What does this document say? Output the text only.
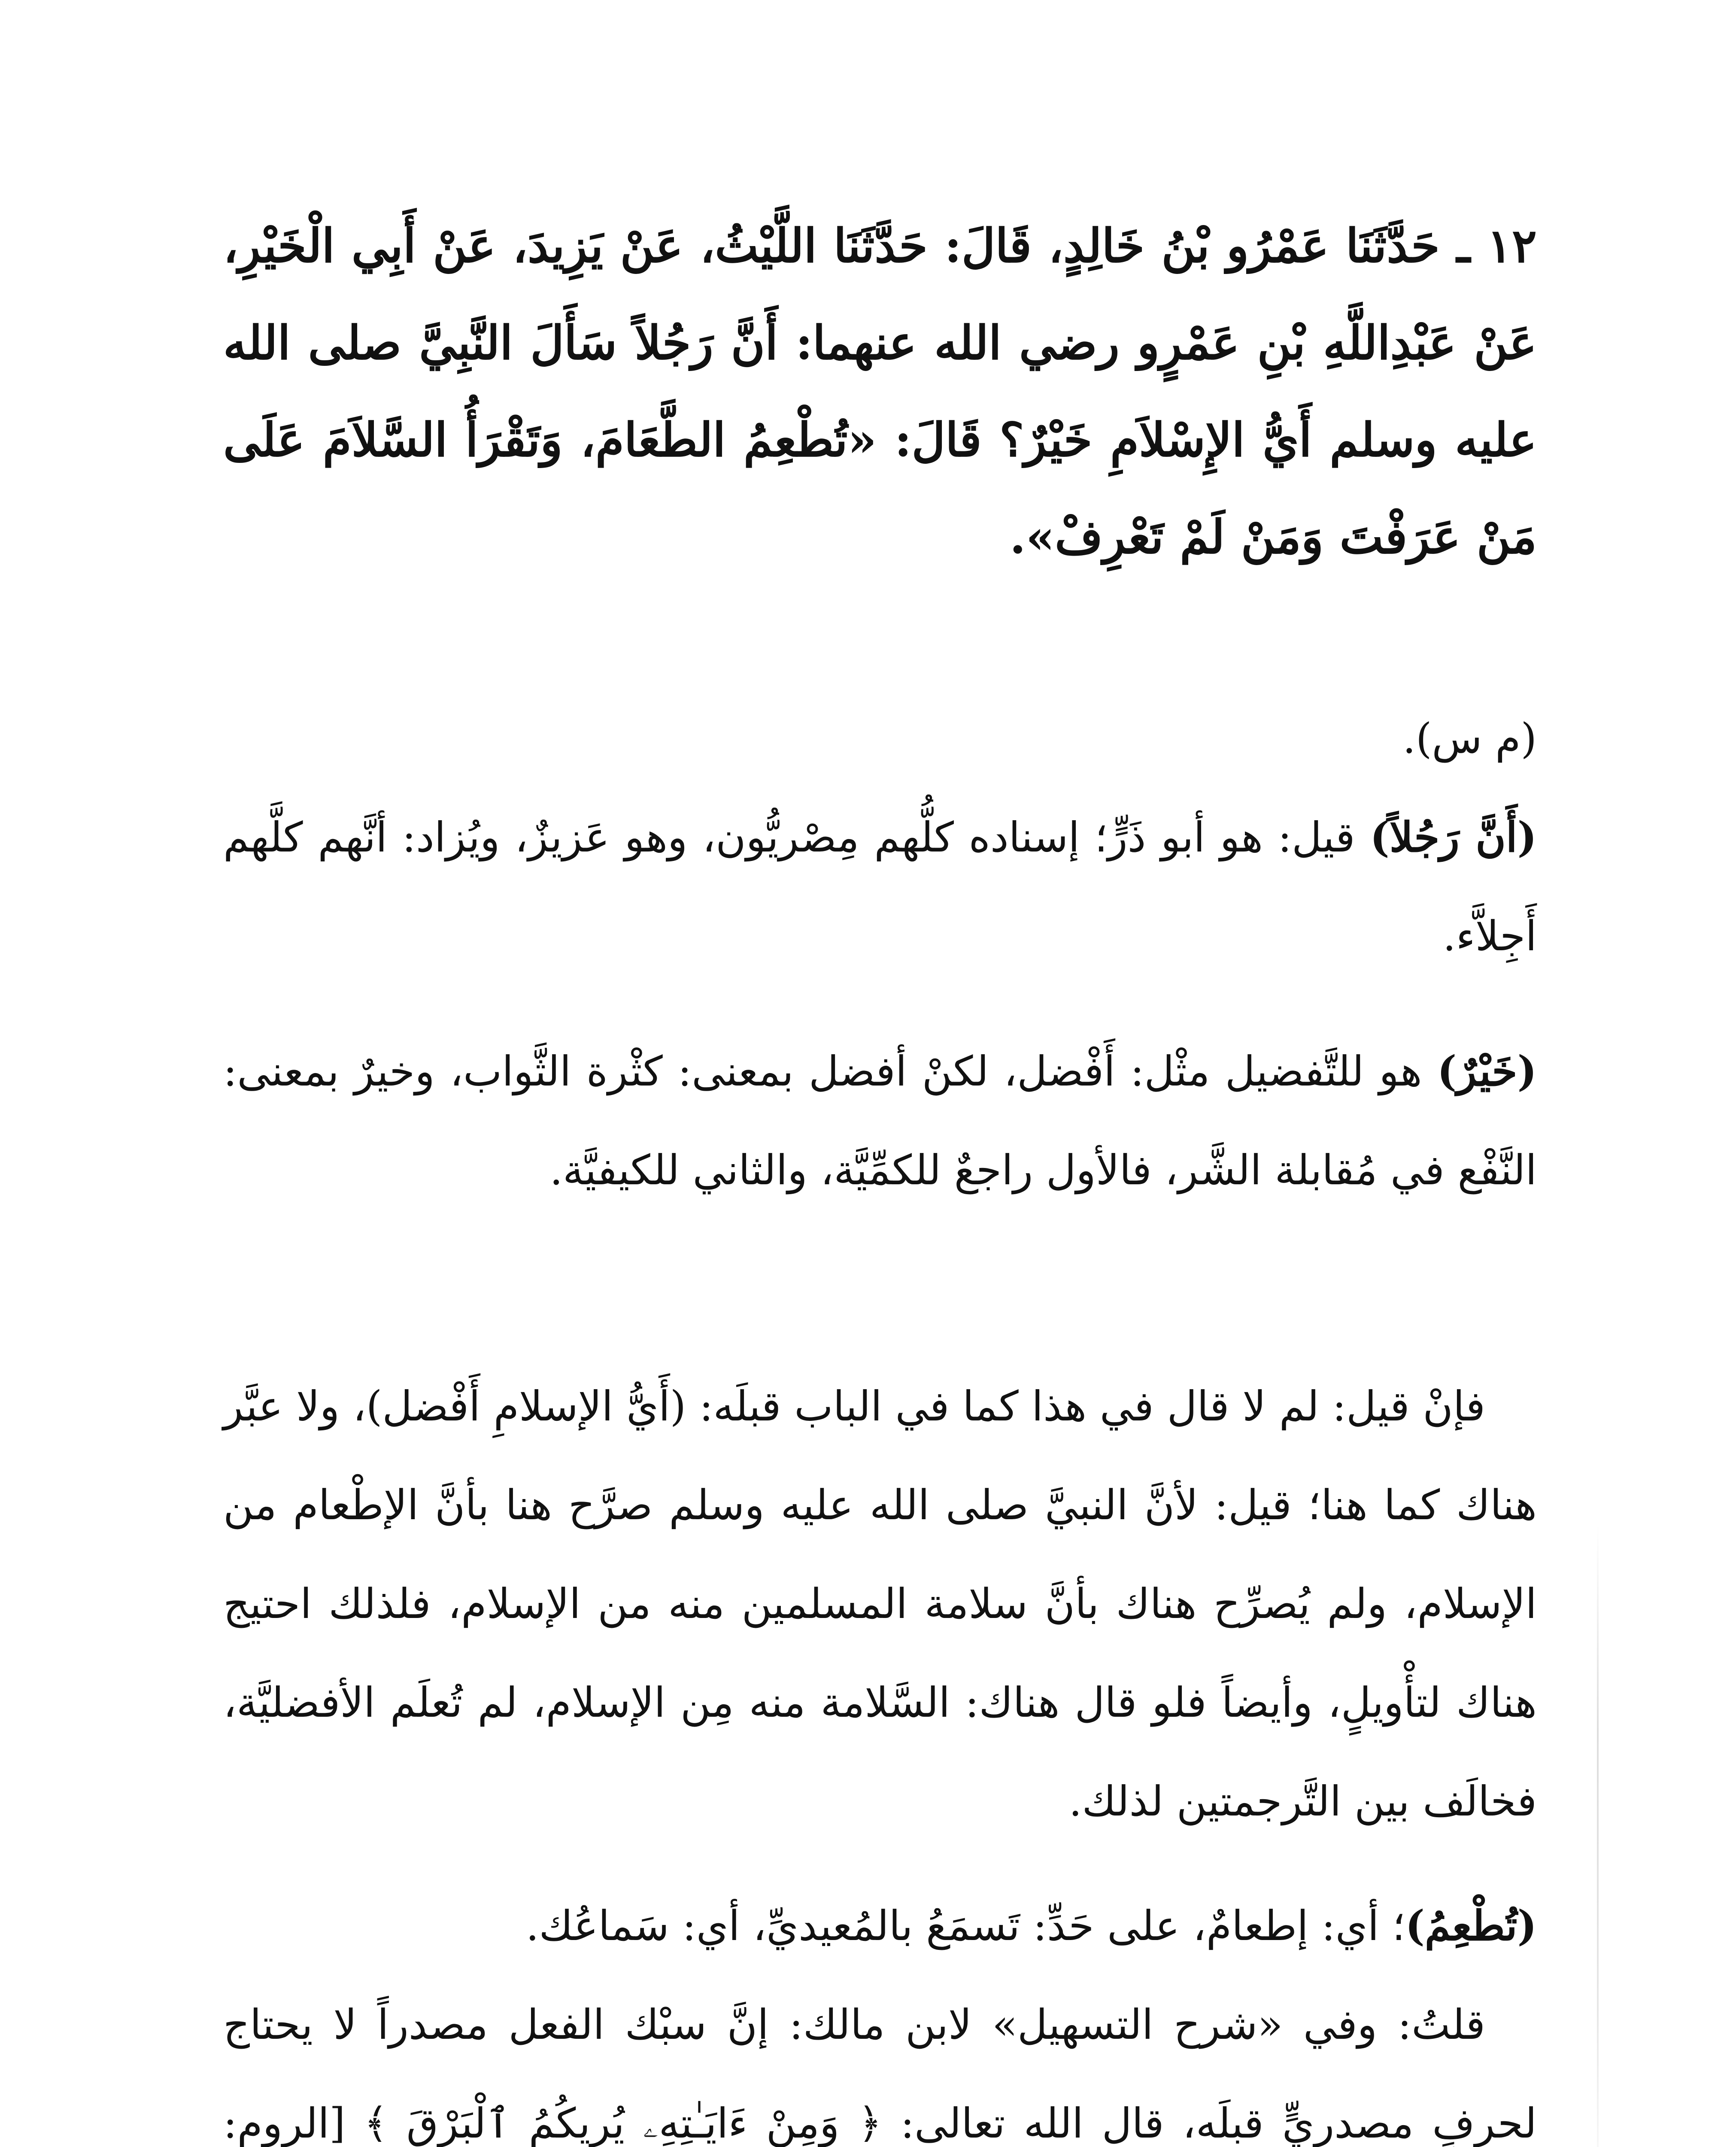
١٢ ـ حَدَّثَنَا عَمْرُو بْنُ خَالِدٍ، قَالَ: حَدَّثَنَا اللَّيْثُ، عَنْ يَزِيدَ، عَنْ أَبِي الْخَيْرِ، عَنْ عَبْدِاللَّهِ بْنِ عَمْرٍو رضي الله عنهما: أَنَّ رَجُلاً سَأَلَ النَّبِيَّ صلى الله عليه وسلم أَيُّ الإِسْلاَمِ خَيْرٌ؟ قَالَ: «تُطْعِمُ الطَّعَامَ، وَتَقْرَأُ السَّلاَمَ عَلَى مَنْ عَرَفْتَ وَمَنْ لَمْ تَعْرِفْ».

(م س).

(أَنَّ رَجُلاً) قيل: هو أبو ذَرٍّ؛ إسناده كلُّهم مِصْريُّون، وهو عَزيزٌ، ويُزاد: أنَّهم كلَّهم أَجِلاَّء.

(خَيْرٌ) هو للتَّفضيل مثْل: أَفْضل، لكنْ أفضل بمعنى: كثْرة الثَّواب، وخيرٌ بمعنى: النَّفْع في مُقابلة الشَّر، فالأول راجعٌ للكمِّيَّة، والثاني للكيفيَّة.

فإنْ قيل: لم لا قال في هذا كما في الباب قبلَه: (أَيُّ الإسلامِ أَفْضل)، ولا عبَّر هناك كما هنا؛ قيل: لأنَّ النبيَّ صلى الله عليه وسلم صرَّح هنا بأنَّ الإطْعام من الإسلام، ولم يُصرِّح هناك بأنَّ سلامة المسلمين منه من الإسلام، فلذلك احتيج هناك لتأْويلٍ، وأيضاً فلو قال هناك: السَّلامة منه مِن الإسلام، لم تُعلَم الأفضليَّة، فخالَف بين التَّرجمتين لذلك.

(تُطْعِمُ)؛ أي: إطعامٌ، على حَدِّ: تَسمَعُ بالمُعيديِّ، أي: سَماعُك.

قلتُ: وفي «شرح التسهيل» لابن مالك: إنَّ سبْك الفعل مصدراً لا يحتاج لحرفٍ مصدريٍّ قبلَه، قال الله تعالى: ﴿ وَمِنْ ءَايَـٰتِهِۦ يُرِيكُمُ ٱلْبَرْقَ ﴾ [الروم:
